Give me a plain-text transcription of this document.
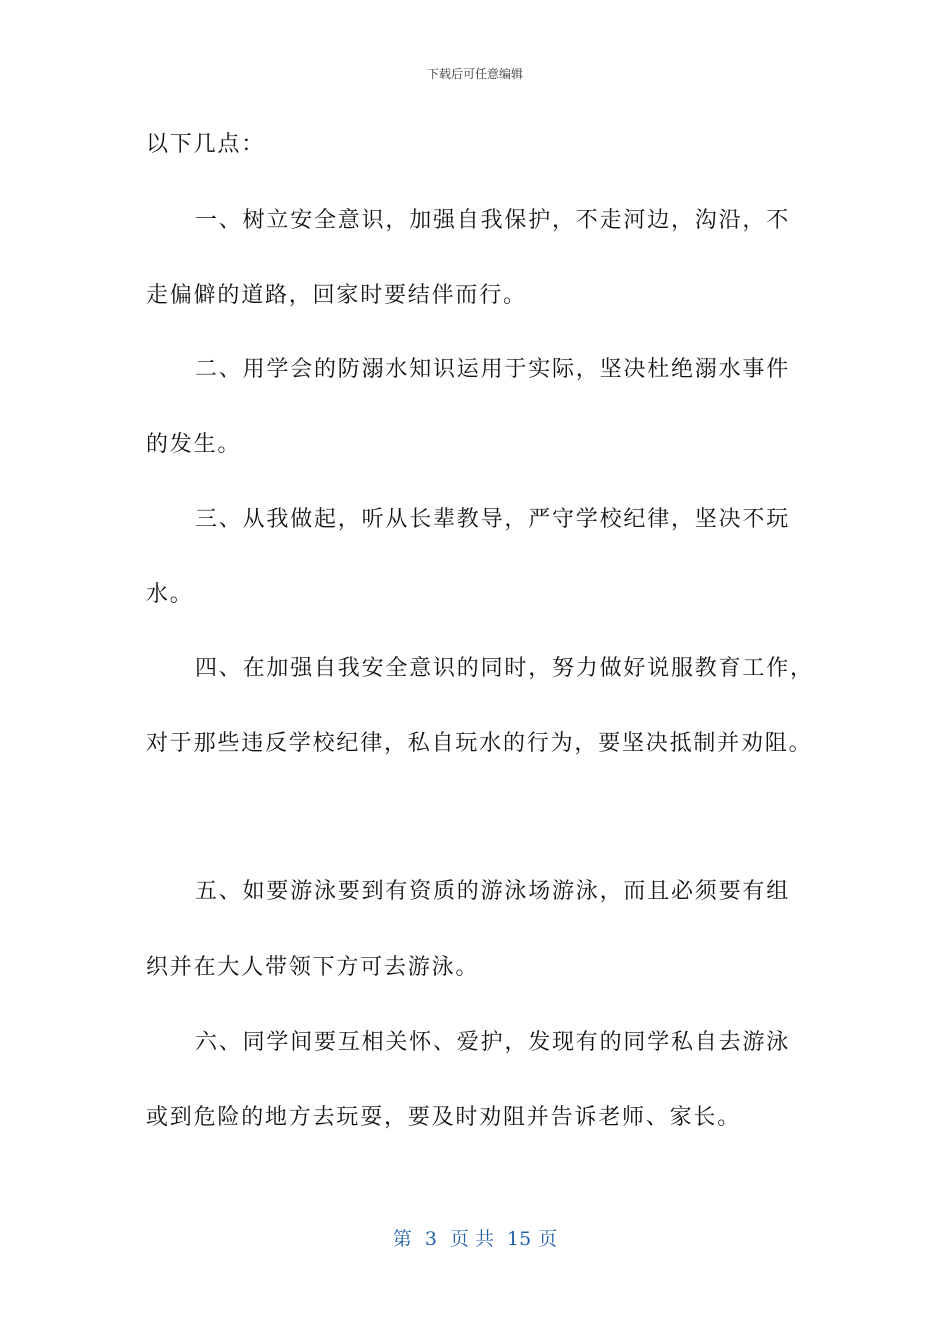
下载后可任意编辑
以下几点：
一、树立安全意识，加强自我保护，不走河边，沟沿，不
走偏僻的道路，回家时要结伴而行。
二、用学会的防溺水知识运用于实际，坚决杜绝溺水事件
的发生。
三、从我做起，听从长辈教导，严守学校纪律，坚决不玩
水。
四、在加强自我安全意识的同时，努力做好说服教育工作，
对于那些违反学校纪律，私自玩水的行为，要坚决抵制并劝阻。
五、如要游泳要到有资质的游泳场游泳，而且必须要有组
织并在大人带领下方可去游泳。
六、同学间要互相关怀、爱护，发现有的同学私自去游泳
或到危险的地方去玩耍，要及时劝阻并告诉老师、家长。
第 3 页 共 15 页
